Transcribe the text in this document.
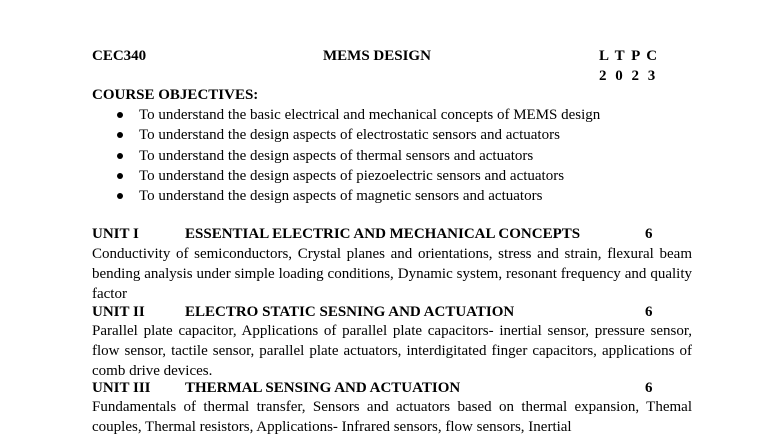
CEC340	MEMS DESIGN	L T P C
2 0 2 3
COURSE OBJECTIVES:
To understand the basic electrical and mechanical concepts of MEMS design
To understand the design aspects of electrostatic sensors and actuators
To understand the design aspects of thermal sensors and actuators
To understand the design aspects of piezoelectric sensors and actuators
To understand the design aspects of magnetic sensors and actuators
UNIT I	ESSENTIAL ELECTRIC AND MECHANICAL CONCEPTS	6

Conductivity of semiconductors, Crystal planes and orientations, stress and strain, flexural beam bending analysis under simple loading conditions, Dynamic system, resonant frequency and quality factor

UNIT II	ELECTRO STATIC SESNING AND ACTUATION	6

Parallel plate capacitor, Applications of parallel plate capacitors- inertial sensor, pressure sensor, flow sensor, tactile sensor, parallel plate actuators, interdigitated finger capacitors, applications of comb drive devices.

UNIT III THERMAL SENSING AND ACTUATION	6

Fundamentals of thermal transfer, Sensors and actuators based on thermal expansion, Themal couples, Thermal resistors, Applications- Infrared sensors, flow sensors, Inertial
